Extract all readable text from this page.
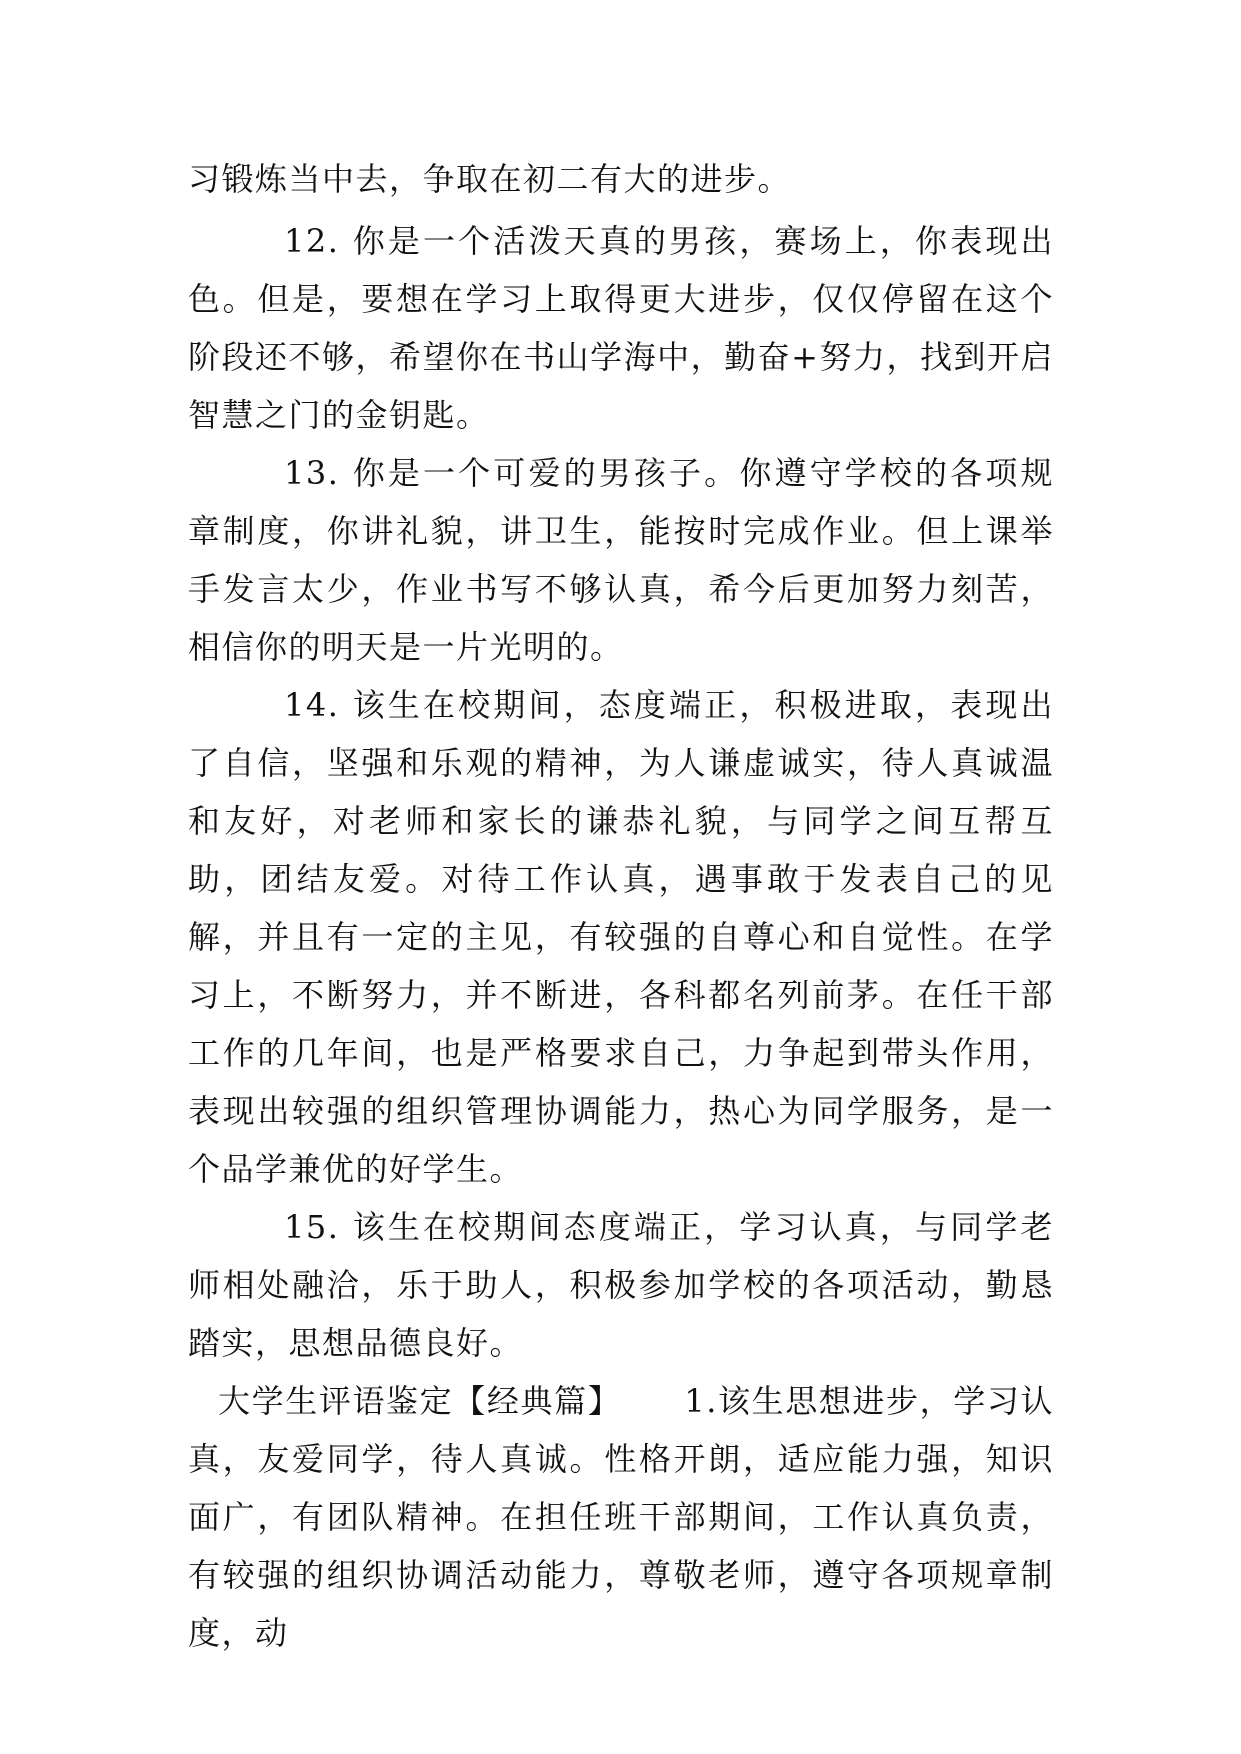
习锻炼当中去，争取在初二有大的进步。

12. 你是一个活泼天真的男孩，赛场上，你表现出色。但是，要想在学习上取得更大进步，仅仅停留在这个阶段还不够，希望你在书山学海中，勤奋+努力，找到开启智慧之门的金钥匙。

13. 你是一个可爱的男孩子。你遵守学校的各项规章制度，你讲礼貌，讲卫生，能按时完成作业。但上课举手发言太少，作业书写不够认真，希今后更加努力刻苦，相信你的明天是一片光明的。

14. 该生在校期间，态度端正，积极进取，表现出了自信，坚强和乐观的精神，为人谦虚诚实，待人真诚温和友好，对老师和家长的谦恭礼貌，与同学之间互帮互助，团结友爱。对待工作认真，遇事敢于发表自己的见解，并且有一定的主见，有较强的自尊心和自觉性。在学习上，不断努力，并不断进，各科都名列前茅。在任干部工作的几年间，也是严格要求自己，力争起到带头作用，表现出较强的组织管理协调能力，热心为同学服务，是一个品学兼优的好学生。

15. 该生在校期间态度端正，学习认真，与同学老师相处融洽，乐于助人，积极参加学校的各项活动，勤恳踏实，思想品德良好。

大学生评语鉴定【经典篇】　　 1.该生思想进步，学习认真，友爱同学，待人真诚。性格开朗，适应能力强，知识面广，有团队精神。在担任班干部期间，工作认真负责，有较强的组织协调活动能力，尊敬老师，遵守各项规章制度，动
